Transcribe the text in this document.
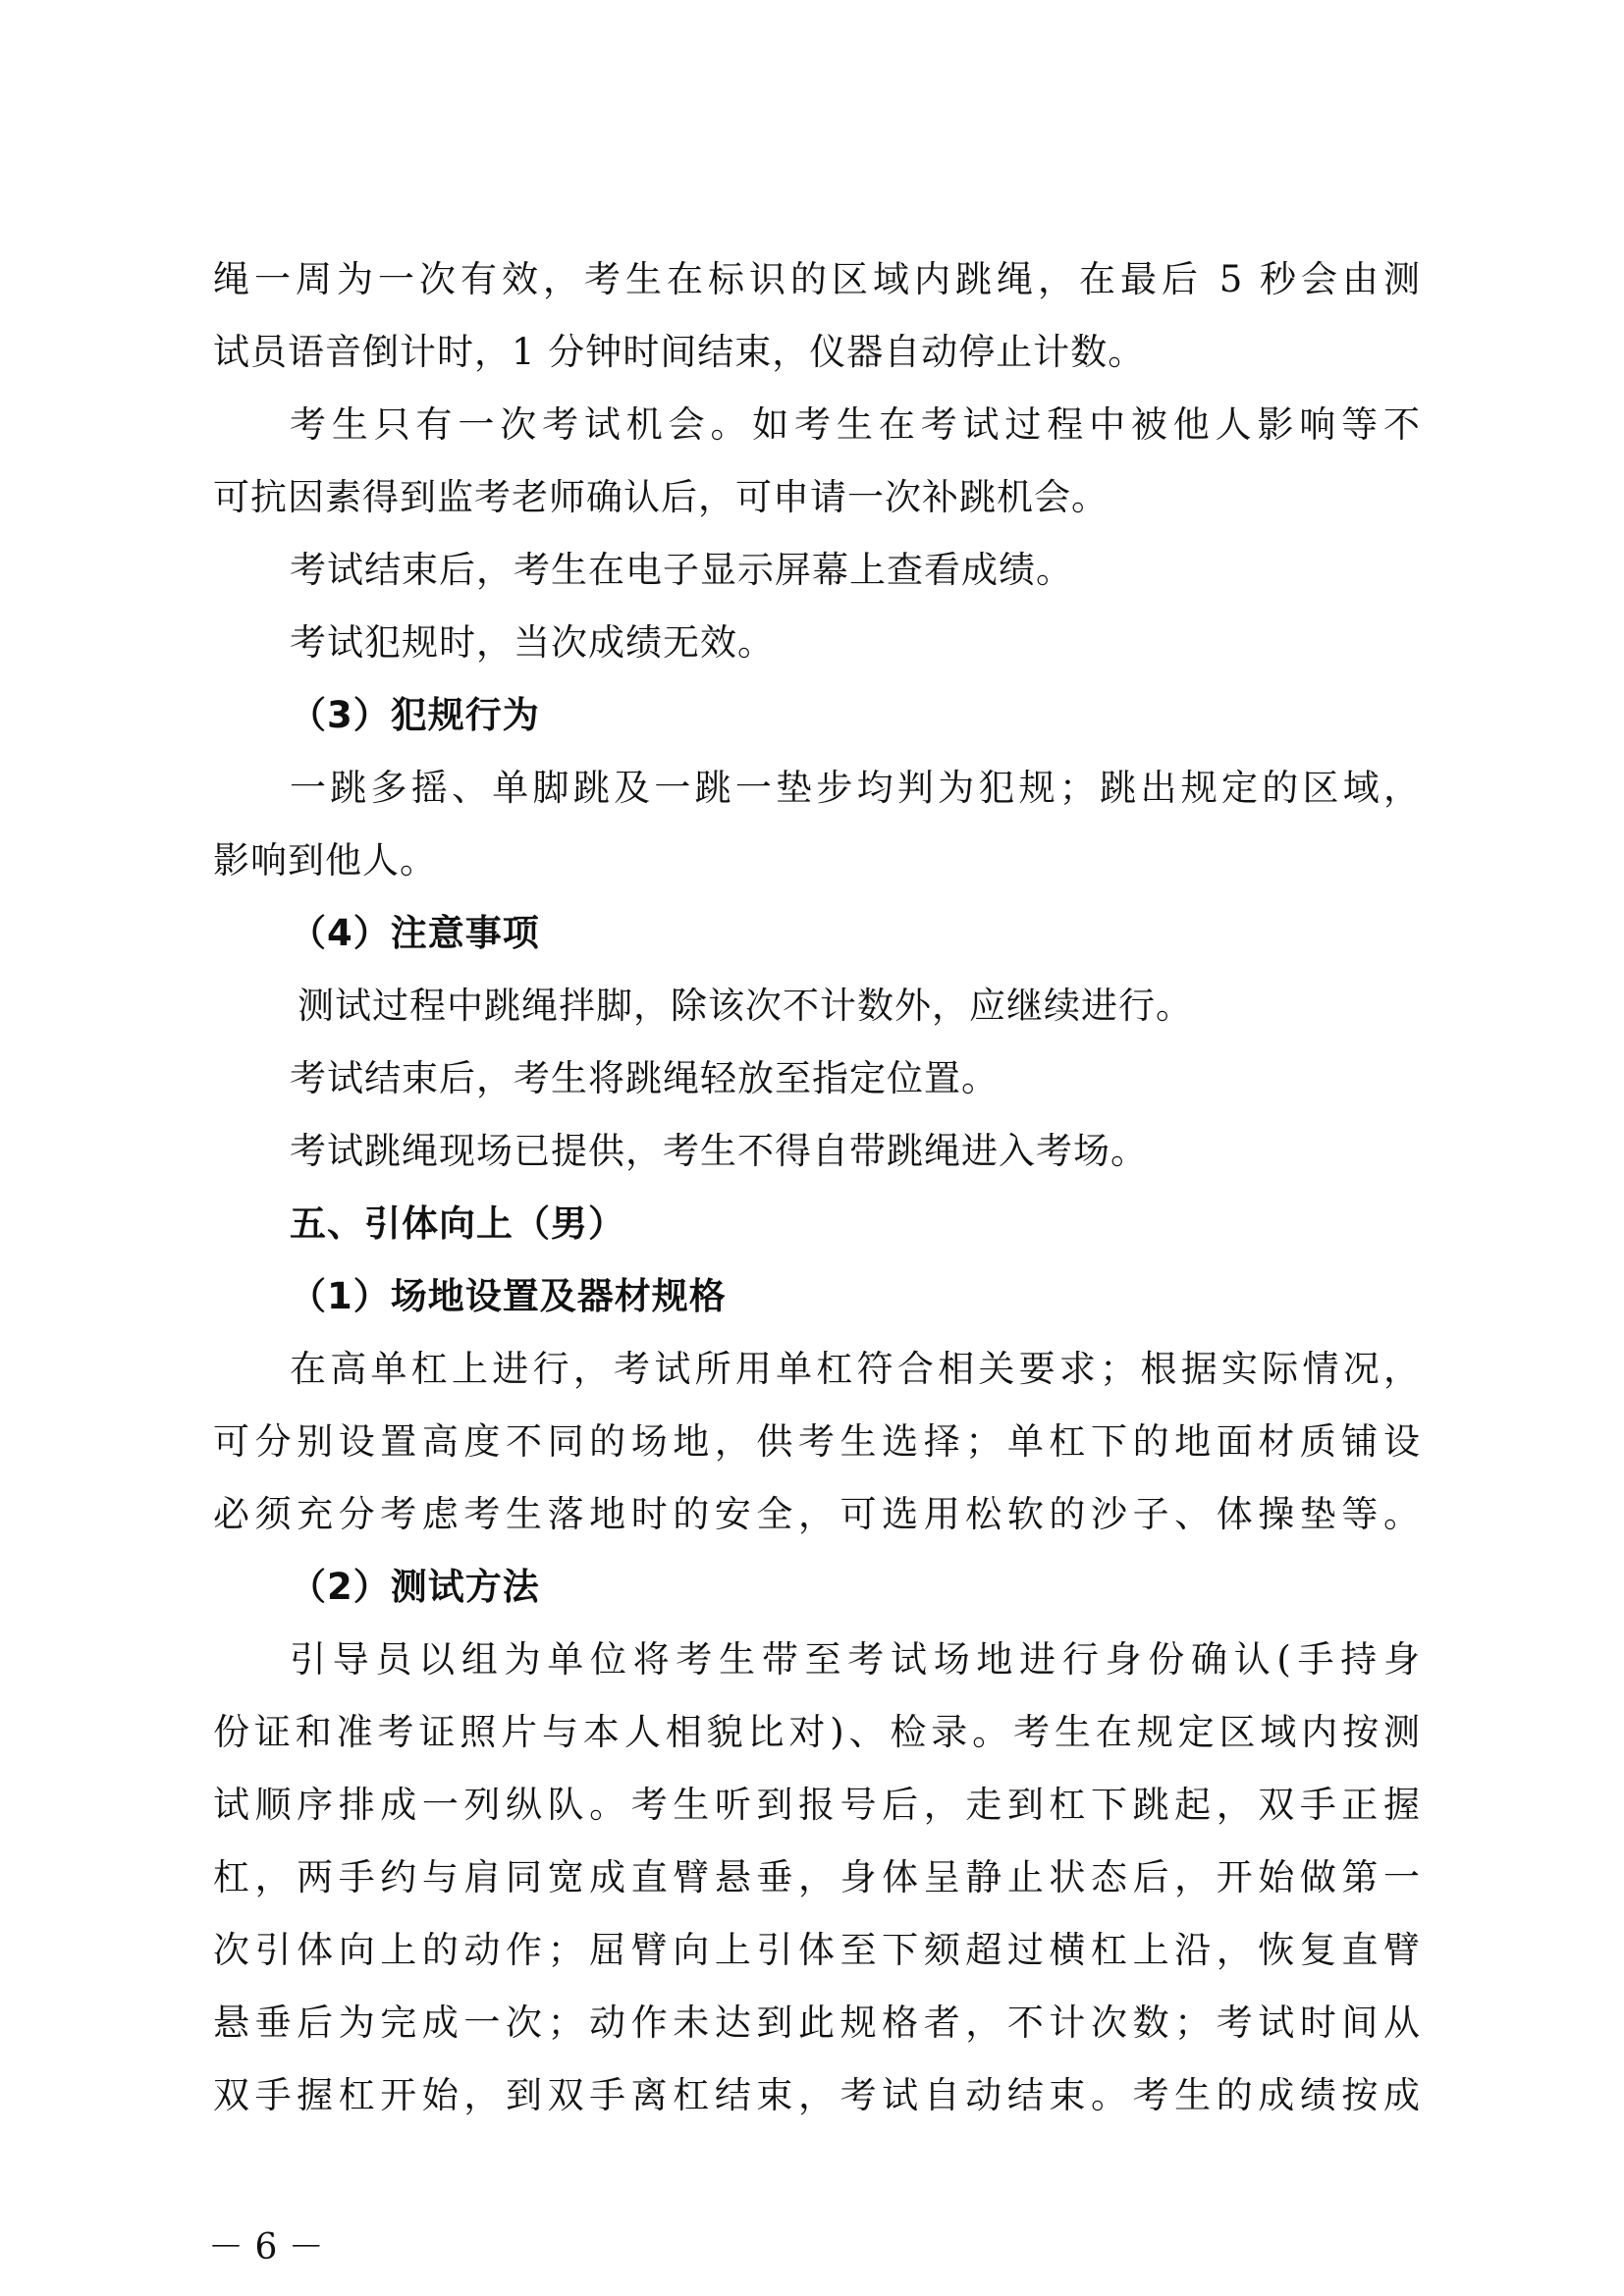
绳一周为一次有效，考生在标识的区域内跳绳，在最后 5 秒会由测
试员语音倒计时，1 分钟时间结束，仪器自动停止计数。
考生只有一次考试机会。如考生在考试过程中被他人影响等不
可抗因素得到监考老师确认后，可申请一次补跳机会。
考试结束后，考生在电子显示屏幕上查看成绩。
考试犯规时，当次成绩无效。
（3）犯规行为
一跳多摇、单脚跳及一跳一垫步均判为犯规；跳出规定的区域，
影响到他人。
（4）注意事项
测试过程中跳绳拌脚，除该次不计数外，应继续进行。
考试结束后，考生将跳绳轻放至指定位置。
考试跳绳现场已提供，考生不得自带跳绳进入考场。
五、引体向上（男）
（1）场地设置及器材规格
在高单杠上进行，考试所用单杠符合相关要求；根据实际情况，
可分别设置高度不同的场地，供考生选择；单杠下的地面材质铺设
必须充分考虑考生落地时的安全，可选用松软的沙子、体操垫等。
（2）测试方法
引导员以组为单位将考生带至考试场地进行身份确认(手持身
份证和准考证照片与本人相貌比对)、检录。考生在规定区域内按测
试顺序排成一列纵队。考生听到报号后，走到杠下跳起，双手正握
杠，两手约与肩同宽成直臂悬垂，身体呈静止状态后，开始做第一
次引体向上的动作；屈臂向上引体至下颏超过横杠上沿，恢复直臂
悬垂后为完成一次；动作未达到此规格者，不计次数；考试时间从
双手握杠开始，到双手离杠结束，考试自动结束。考生的成绩按成
－ 6 －
